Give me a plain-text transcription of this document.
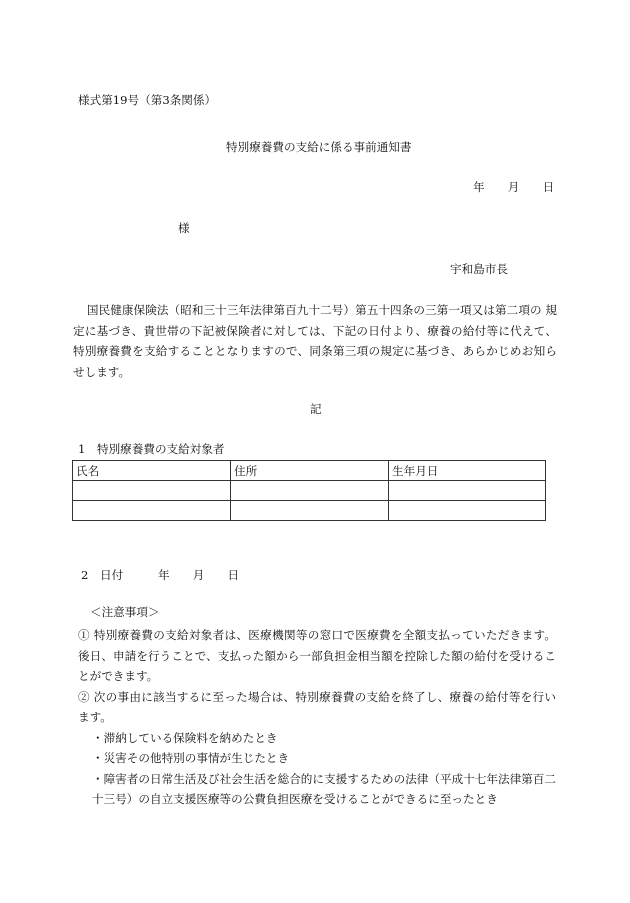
様式第19号（第3条関係）
特別療養費の支給に係る事前通知書
年　　月　　日
様
宇和島市長
国民健康保険法（昭和三十三年法律第百九十二号）第五十四条の三第一項又は第二項の 規定に基づき、貴世帯の下記被保険者に対しては、下記の日付より、療養の給付等に代えて、特別療養費を支給することとなりますので、同条第三項の規定に基づき、あらかじめお知らせします。
記
1　特別療養費の支給対象者
氏名	住所	生年月日

2　日付　　　年　　月　　日
＜注意事項＞

① 特別療養費の支給対象者は、医療機関等の窓口で医療費を全額支払っていただきます。後日、申請を行うことで、支払った額から一部負担金相当額を控除した額の給付を受けることができます。

② 次の事由に該当するに至った場合は、特別療養費の支給を終了し、療養の給付等を行います。

・滞納している保険料を納めたとき

・災害その他特別の事情が生じたとき

・障害者の日常生活及び社会生活を総合的に支援するための法律（平成十七年法律第百二十三号）の自立支援医療等の公費負担医療を受けることができるに至ったとき
